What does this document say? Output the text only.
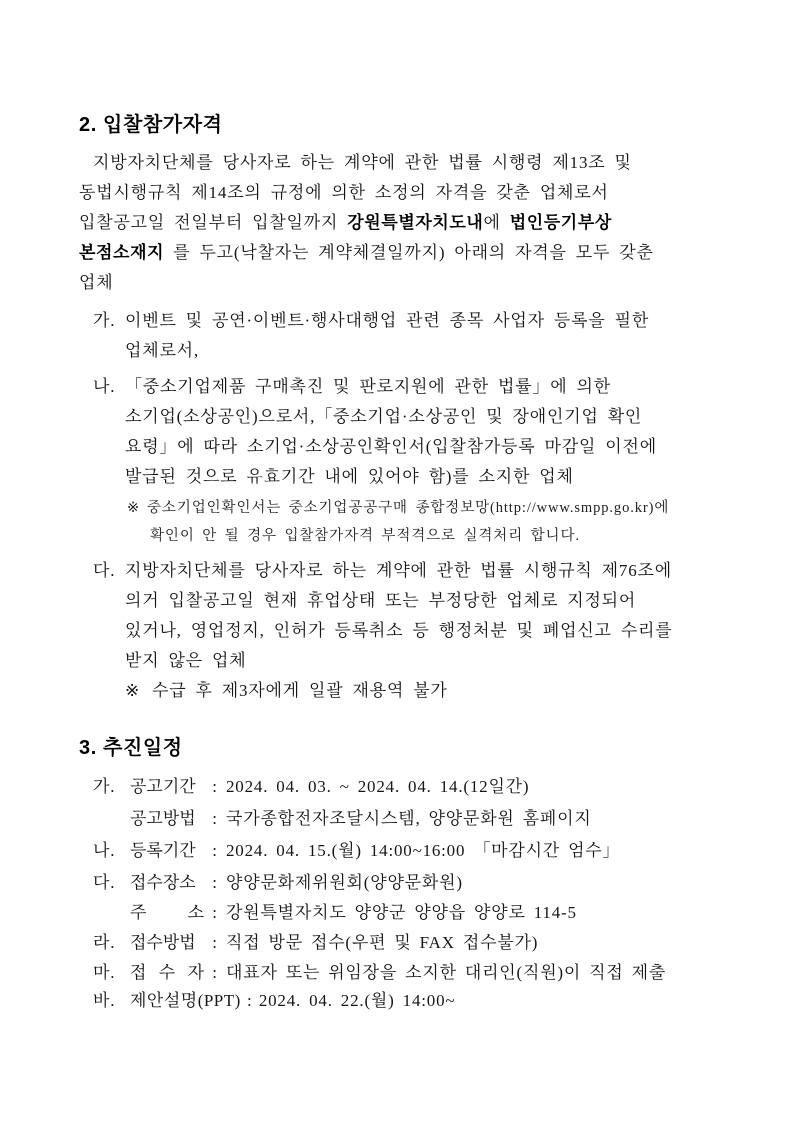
2. 입찰참가자격
지방자치단체를 당사자로 하는 계약에 관한 법률 시행령 제13조 및
동법시행규칙 제14조의 규정에 의한 소정의 자격을 갖춘 업체로서
입찰공고일 전일부터 입찰일까지 강원특별자치도내에 법인등기부상
본점소재지 를 두고(낙찰자는 계약체결일까지) 아래의 자격을 모두 갖춘
업체
가. 이벤트 및 공연·이벤트·행사대행업 관련 종목 사업자 등록을 필한
업체로서,
나. 「중소기업제품 구매촉진 및 판로지원에 관한 법률」에 의한
소기업(소상공인)으로서,「중소기업·소상공인 및 장애인기업 확인
요령」에 따라 소기업·소상공인확인서(입찰참가등록 마감일 이전에
발급된 것으로 유효기간 내에 있어야 함)를 소지한 업체
※ 중소기업인확인서는 중소기업공공구매 종합정보망(http://www.smpp.go.kr)에
확인이 안 될 경우 입찰참가자격 부적격으로 실격처리 합니다.
다. 지방자치단체를 당사자로 하는 계약에 관한 법률 시행규칙 제76조에
의거 입찰공고일 현재 휴업상태 또는 부정당한 업체로 지정되어
있거나, 영업정지, 인허가 등록취소 등 행정처분 및 폐업신고 수리를
받지 않은 업체
※ 수급 후 제3자에게 일괄 재용역 불가
3. 추진일정
가. 공고기간 : 2024. 04. 03. ~ 2024. 04. 14.(12일간)
공고방법 : 국가종합전자조달시스템, 양양문화원 홈페이지
나. 등록기간 : 2024. 04. 15.(월) 14:00~16:00 「마감시간 엄수」
다. 접수장소 : 양양문화제위원회(양양문화원)
주 소 : 강원특별자치도 양양군 양양읍 양양로 114-5
라. 접수방법 : 직접 방문 접수(우편 및 FAX 접수불가)
마. 접 수 자 : 대표자 또는 위임장을 소지한 대리인(직원)이 직접 제출
바. 제안설명(PPT) : 2024. 04. 22.(월) 14:00~
